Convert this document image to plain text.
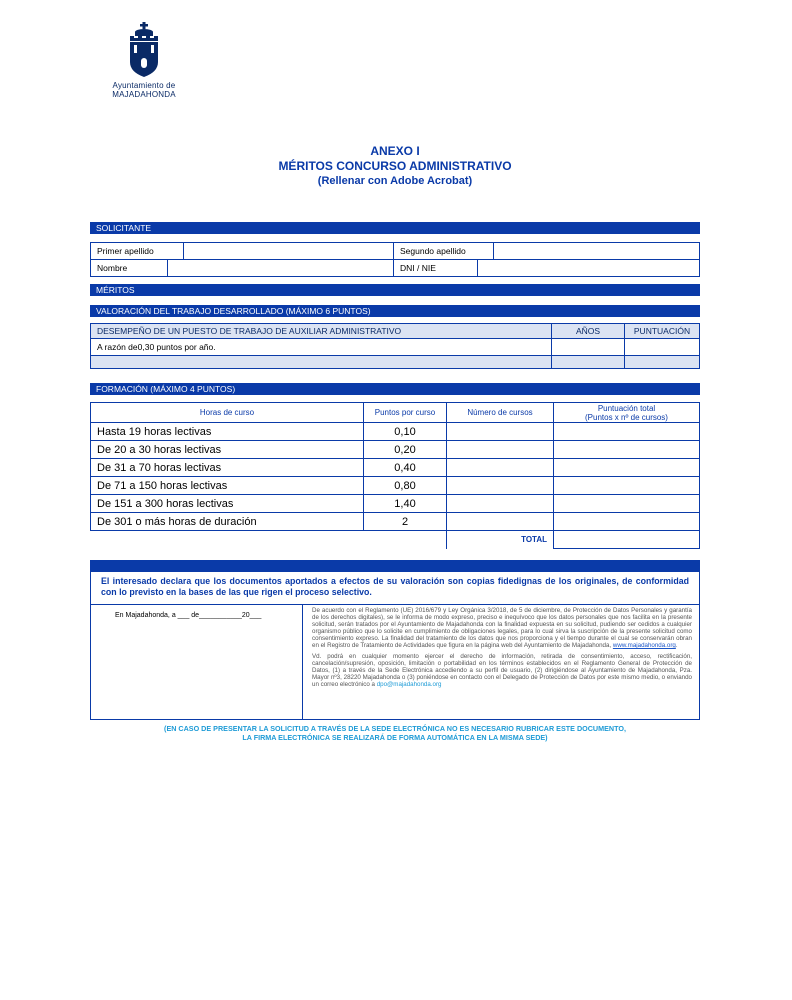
Ayuntamiento de
MAJADAHONDA
ANEXO I
MÉRITOS CONCURSO ADMINISTRATIVO
(Rellenar con Adobe Acrobat)
SOLICITANTE
Primer apellido		Segundo apellido	
Nombre		DNI / NIE	
MÉRITOS
VALORACIÓN DEL TRABAJO DESARROLLADO (MÁXIMO 6 PUNTOS)
DESEMPEÑO DE UN PUESTO DE TRABAJO DE AUXILIAR ADMINISTRATIVO	AÑOS	PUNTUACIÓN
A razón de0,30 puntos por año.		

FORMACIÓN (MÁXIMO 4 PUNTOS)
Horas de curso	Puntos por curso	Número de cursos	Puntuación total
(Puntos x nº de cursos)

Hasta 19 horas lectivas	0,10		
De 20 a 30 horas lectivas	0,20		
De 31 a 70 horas lectivas	0,40		
De 71 a 150 horas lectivas	0,80		
De 151 a 300 horas lectivas	1,40		
De 301 o más horas de duración	2		
		TOTAL	
El interesado declara que los documentos aportados a efectos de su valoración son copias fidedignas de los originales, de conformidad con lo previsto en la bases de las que rigen el proceso selectivo.
En Majadahonda, a ___ de___________20___

De acuerdo con el Reglamento (UE) 2016/679 y Ley Orgánica 3/2018, de 5 de diciembre, de Protección de Datos Personales y garantía de los derechos digitales), se le informa de modo expreso, preciso e inequívoco que los datos personales que nos facilita en la presente solicitud, serán tratados por el Ayuntamiento de Majadahonda con la finalidad expuesta en su solicitud, pudiendo ser cedidos a cualquier organismo público que lo solicite en cumplimiento de obligaciones legales, para lo cual sirva la suscripción de la presente solicitud como consentimiento expreso. La finalidad del tratamiento de los datos que nos proporciona y el tiempo durante el cual se conservarán obran en el Registro de Tratamiento de Actividades que figura en la página web del Ayuntamiento de Majadahonda, www.majadahonda.org.

Vd. podrá en cualquier momento ejercer el derecho de información, retirada de consentimiento, acceso, rectificación, cancelación/supresión, oposición, limitación o portabilidad en los términos establecidos en el Reglamento General de Protección de Datos, (1) a través de la Sede Electrónica accediendo a su perfil de usuario, (2) dirigiéndose al Ayuntamiento de Majadahonda, Pza. Mayor nº3, 28220 Majadahonda o (3) poniéndose en contacto con el Delegado de Protección de Datos por este mismo medio, o enviando un correo electrónico a dpo@majadahonda.org

(EN CASO DE PRESENTAR LA SOLICITUD A TRAVÉS DE LA SEDE ELECTRÓNICA NO ES NECESARIO RUBRICAR ESTE DOCUMENTO,
LA FIRMA ELECTRÓNICA SE REALIZARÁ DE FORMA AUTOMÁTICA EN LA MISMA SEDE)
